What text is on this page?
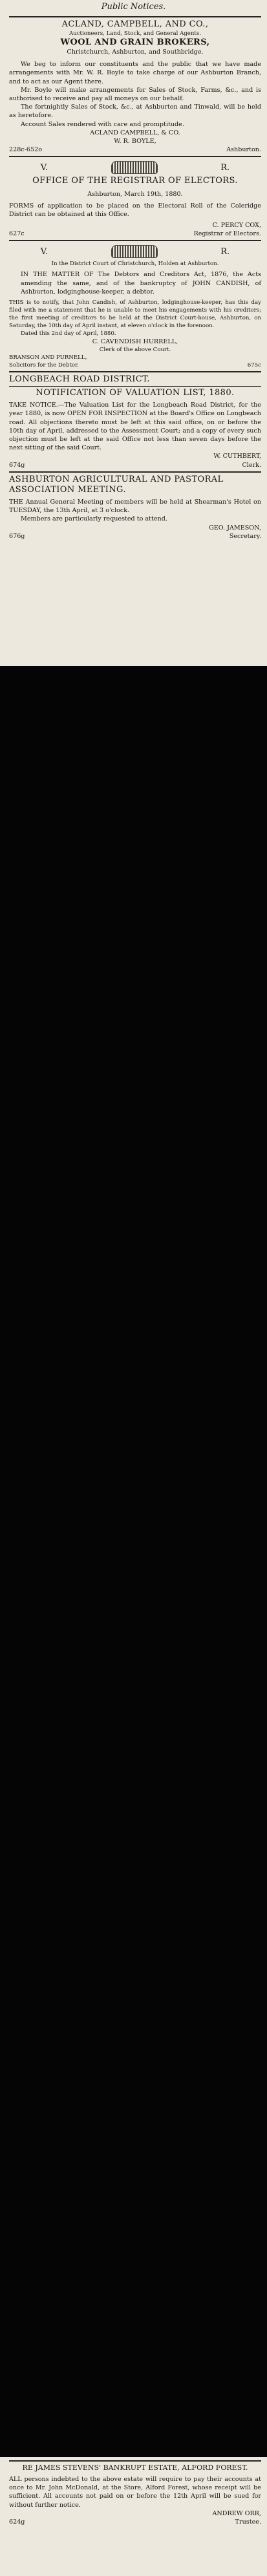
Public Notices.
ACLAND, CAMPBELL, AND CO.,
Auctioneers, Land, Stock, and General Agents.
WOOL AND GRAIN BROKERS,
Christchurch, Ashburton, and Southbridge.
We beg to inform our constituents and the public that we have made arrangements with Mr. W. R. Boyle to take charge of our Ashburton Branch, and to act as our Agent there.
Mr. Boyle will make arrangements for Sales of Stock, Farms, &c., and is authorised to receive and pay all moneys on our behalf.
The fortnightly Sales of Stock, &c., at Ashburton and Tinwald, will be held as heretofore.
Account Sales rendered with care and promptitude.
ACLAND CAMPBELL, & CO.
W. R. BOYLE,
228c-652o	Ashburton.
V.	R.
OFFICE OF THE REGISTRAR OF ELECTORS.
Ashburton, March 19th, 1880.
FORMS of application to be placed on the Electoral Roll of the Coleridge District can be obtained at this Office.
C. PERCY COX,
627c	Registrar of Electors.
V.	R.
In the District Court of Christchurch, Holden at Ashburton.
IN THE MATTER OF The Debtors and Creditors Act, 1876, the Acts amending the same, and of the bankruptcy of JOHN CANDISH, of Ashburton, lodginghouse-keeper, a debtor.
THIS is to notify, that John Candish, of Ashburton, lodginghouse-keeper, has this day filed with me a statement that he is unable to meet his engagements with his creditors; the first meeting of creditors to be held at the District Court-house, Ashburton, on Saturday, the 10th day of April instant, at eleven o'clock in the forenoon.
Dated this 2nd day of April, 1880.
C. CAVENDISH HURRELL,
Clerk of the above Court.
BRANSON AND PURNELL,
Solicitors for the Debtor.	675c
LONGBEACH ROAD DISTRICT.
NOTIFICATION OF VALUATION LIST, 1880.
TAKE NOTICE.—The Valuation List for the Longbeach Road District, for the year 1880, is now OPEN FOR INSPECTION at the Board's Office on Longbeach road. All objections thereto must be left at this said office, on or before the 10th day of April, addressed to the Assessment Court; and a copy of every such objection must be left at the said Office not less than seven days before the next sitting of the said Court.
W. CUTHBERT,
674g	Clerk.
ASHBURTON AGRICULTURAL AND PASTORAL ASSOCIATION MEETING.
THE Annual General Meeting of members will be held at Shearman's Hotel on TUESDAY, the 13th April, at 3 o'clock.
Members are particularly requested to attend.
GEO. JAMESON,
676g	Secretary.
RE JAMES STEVENS' BANKRUPT ESTATE, ALFORD FOREST.
ALL persons indebted to the above estate will require to pay their accounts at once to Mr. John McDonald, at the Store, Alford Forest, whose receipt will be sufficient. All accounts not paid on or before the 12th April will be sued for without further notice.
ANDREW ORR,
624g	Trustee.
